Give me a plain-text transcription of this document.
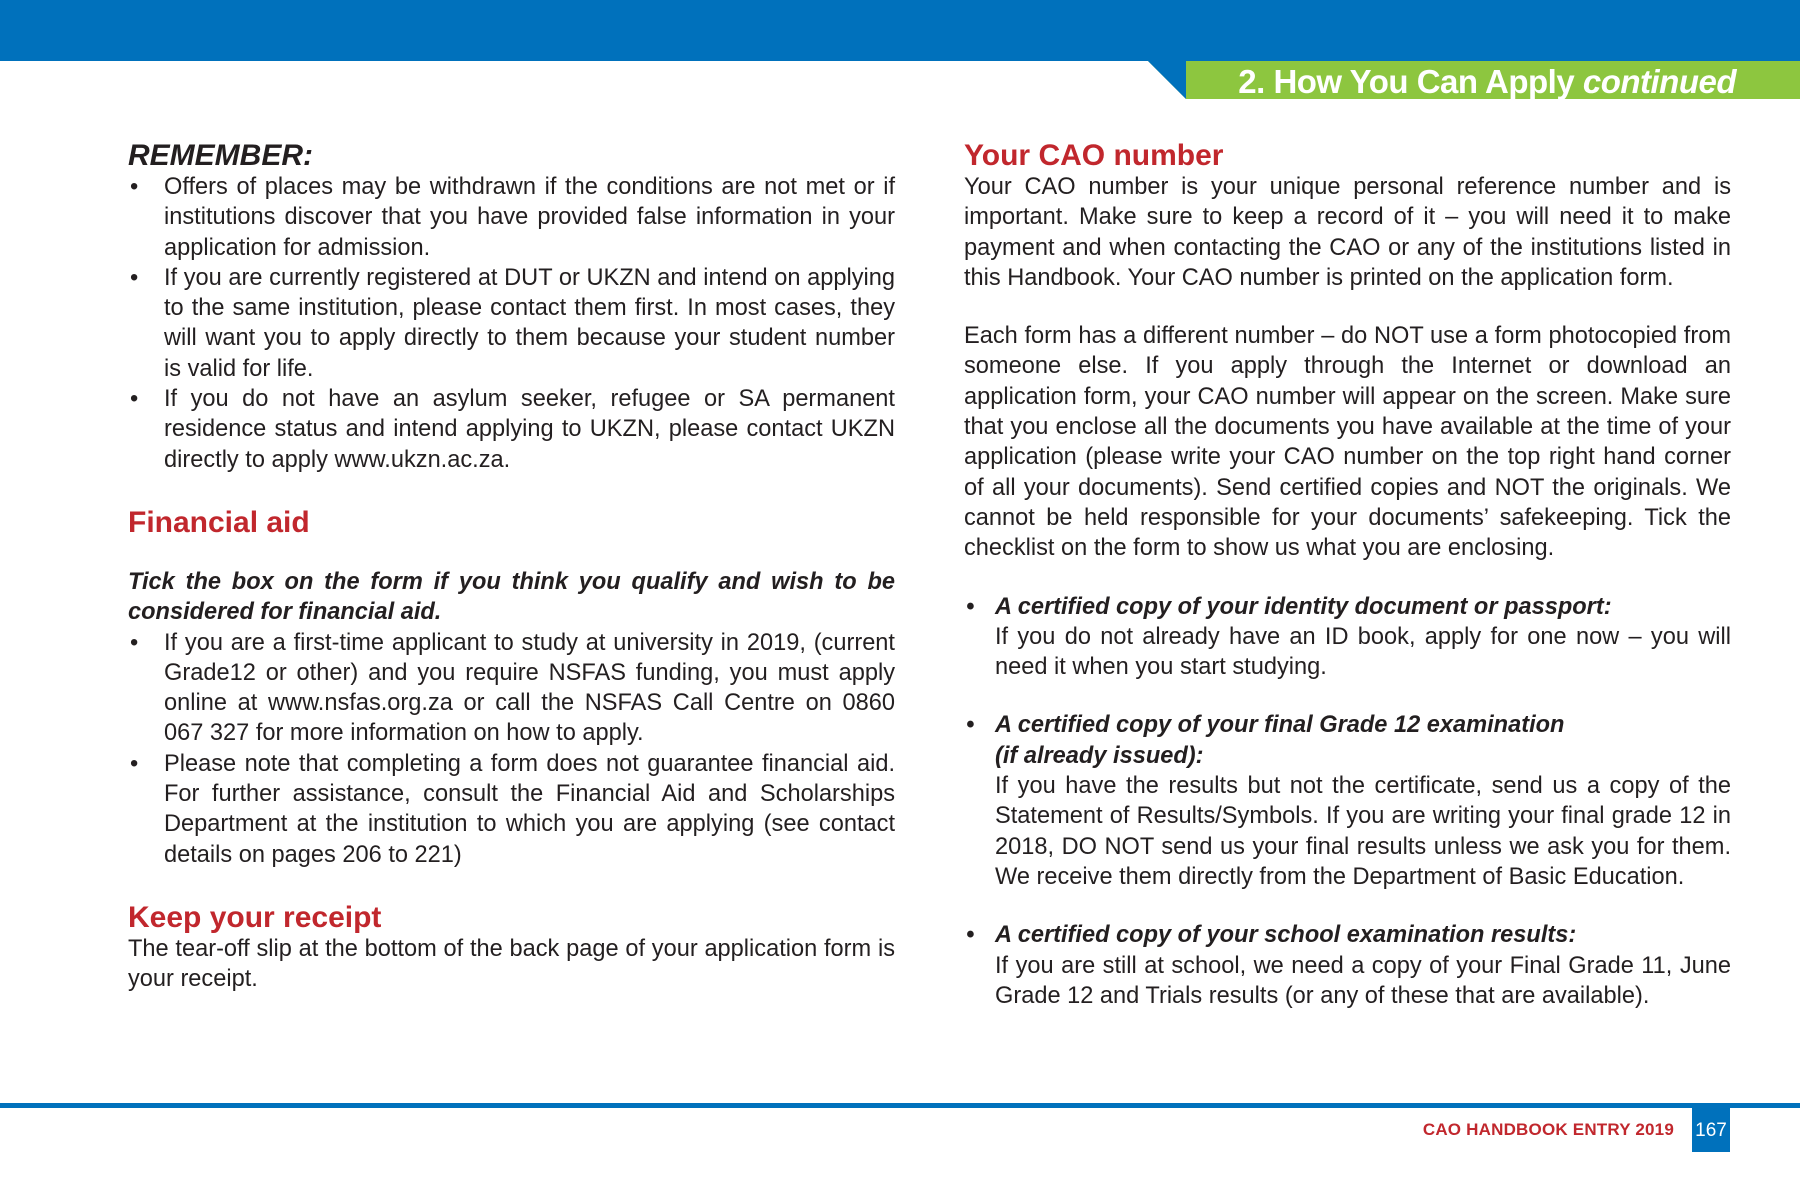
2. How You Can Apply continued
REMEMBER:
• Offers of places may be withdrawn if the conditions are not met or if institutions discover that you have provided false information in your application for admission.
• If you are currently registered at DUT or UKZN and intend on applying to the same institution, please contact them first. In most cases, they will want you to apply directly to them because your student number is valid for life.
• If you do not have an asylum seeker, refugee or SA permanent residence status and intend applying to UKZN, please contact UKZN directly to apply www.ukzn.ac.za.
Financial aid
Tick the box on the form if you think you qualify and wish to be considered for financial aid.
• If you are a first-time applicant to study at university in 2019, (current Grade12 or other) and you require NSFAS funding, you must apply online at www.nsfas.org.za or call the NSFAS Call Centre on 0860 067 327 for more information on how to apply.
• Please note that completing a form does not guarantee financial aid. For further assistance, consult the Financial Aid and Scholarships Department at the institution to which you are applying (see contact details on pages 206 to 221)
Keep your receipt

The tear-off slip at the bottom of the back page of your application form is your receipt.

Your CAO number

Your CAO number is your unique personal reference number and is important. Make sure to keep a record of it – you will need it to make payment and when contacting the CAO or any of the institutions listed in this Handbook. Your CAO number is printed on the application form.

Each form has a different number – do NOT use a form photocopied from someone else. If you apply through the Internet or download an application form, your CAO number will appear on the screen. Make sure that you enclose all the documents you have available at the time of your application (please write your CAO number on the top right hand corner of all your documents). Send certified copies and NOT the originals. We cannot be held responsible for your documents’ safekeeping. Tick the checklist on the form to show us what you are enclosing.

• A certified copy of your identity document or passport:
If you do not already have an ID book, apply for one now – you will need it when you start studying.
• A certified copy of your final Grade 12 examination
(if already issued):
If you have the results but not the certificate, send us a copy of the Statement of Results/Symbols. If you are writing your final grade 12 in 2018, DO NOT send us your final results unless we ask you for them. We receive them directly from the Department of Basic Education.
• A certified copy of your school examination results:
If you are still at school, we need a copy of your Final Grade 11, June Grade 12 and Trials results (or any of these that are available).
CAO HANDBOOK ENTRY 2019 167
